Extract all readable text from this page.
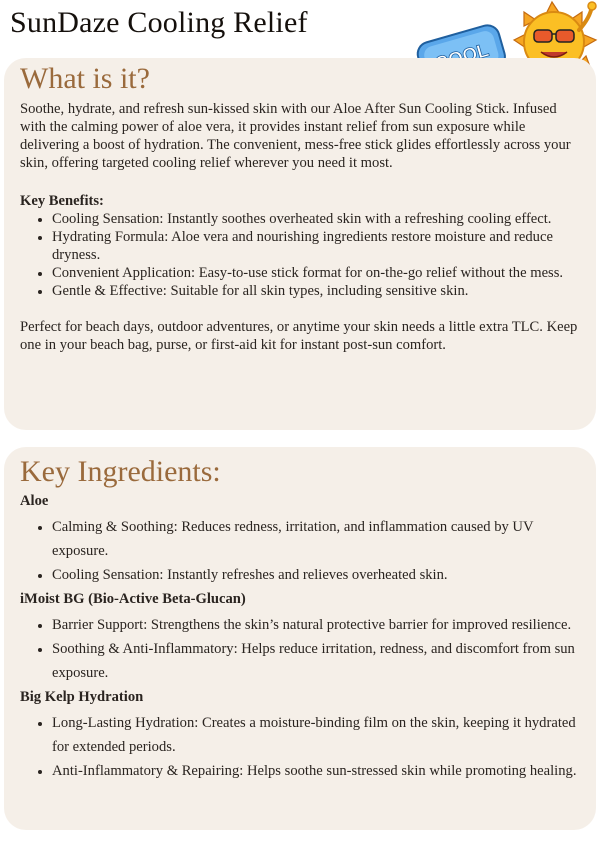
SunDaze Cooling Relief
What is it?

Soothe, hydrate, and refresh sun-kissed skin with our Aloe After Sun Cooling Stick. Infused with the calming power of aloe vera, it provides instant relief from sun exposure while delivering a boost of hydration. The convenient, mess-free stick glides effortlessly across your skin, offering targeted cooling relief wherever you need it most.

Key Benefits:

• Cooling Sensation: Instantly soothes overheated skin with a refreshing cooling effect.
• Hydrating Formula: Aloe vera and nourishing ingredients restore moisture and reduce dryness.
• Convenient Application: Easy-to-use stick format for on-the-go relief without the mess.
• Gentle & Effective: Suitable for all skin types, including sensitive skin.

Perfect for beach days, outdoor adventures, or anytime your skin needs a little extra TLC. Keep one in your beach bag, purse, or first-aid kit for instant post-sun comfort.

Key Ingredients:

Aloe

• Calming & Soothing: Reduces redness, irritation, and inflammation caused by UV exposure.
• Cooling Sensation: Instantly refreshes and relieves overheated skin.

iMoist BG (Bio-Active Beta-Glucan)

• Barrier Support: Strengthens the skin’s natural protective barrier for improved resilience.
• Soothing & Anti-Inflammatory: Helps reduce irritation, redness, and discomfort from sun exposure.

Big Kelp Hydration

• Long-Lasting Hydration: Creates a moisture-binding film on the skin, keeping it hydrated for extended periods.
• Anti-Inflammatory & Repairing: Helps soothe sun-stressed skin while promoting healing.
